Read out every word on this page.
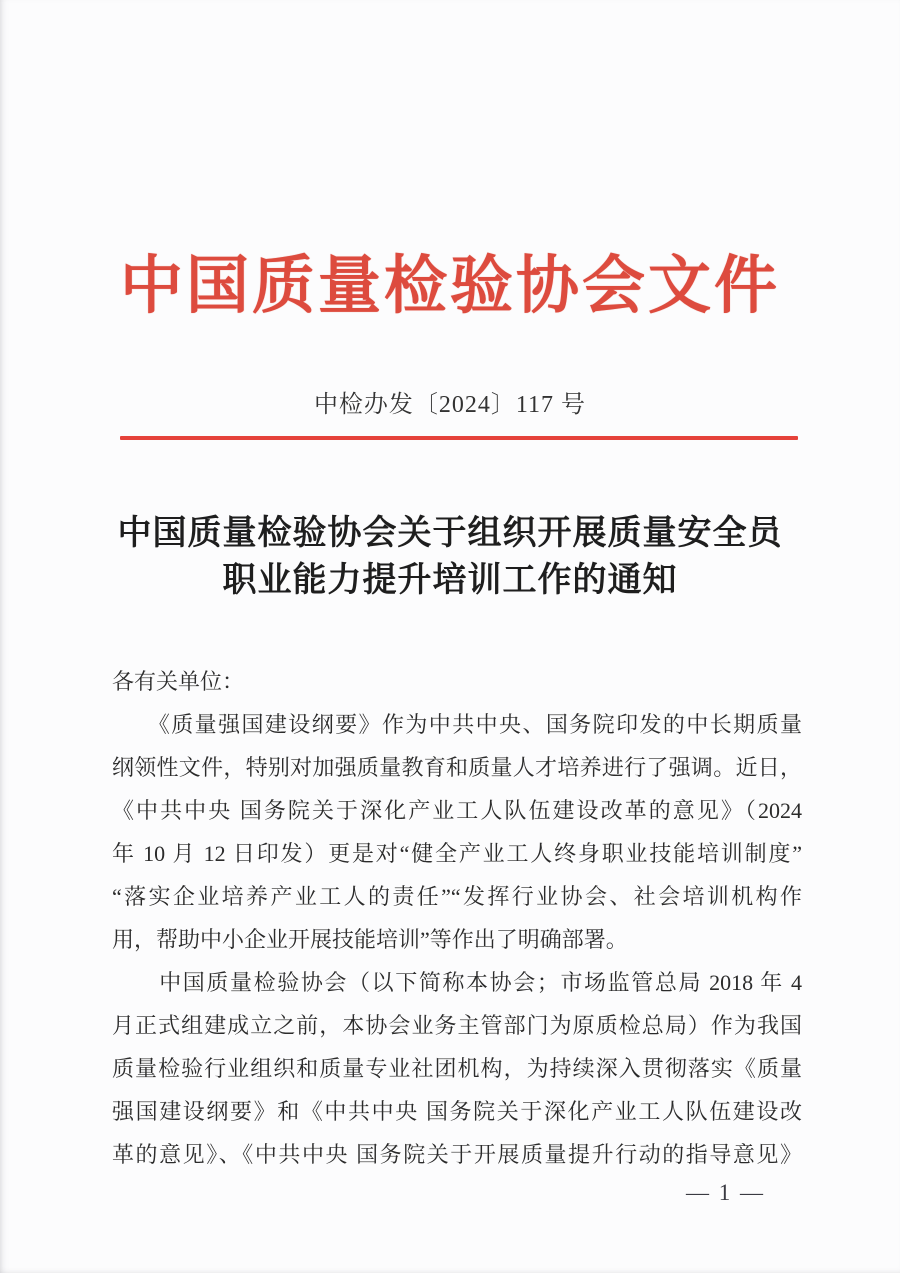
中国质量检验协会文件
中检办发〔2024〕117 号
中国质量检验协会关于组织开展质量安全员
职业能力提升培训工作的通知
各有关单位：
　　《质量强国建设纲要》作为中共中央、国务院印发的中长期质量
纲领性文件，特别对加强质量教育和质量人才培养进行了强调。近日，
《中共中央 国务院关于深化产业工人队伍建设改革的意见》（2024
年 10 月 12 日印发）更是对“健全产业工人终身职业技能培训制度”
“落实企业培养产业工人的责任”“发挥行业协会、社会培训机构作
用，帮助中小企业开展技能培训”等作出了明确部署。
　　中国质量检验协会（以下简称本协会；市场监管总局 2018 年 4
月正式组建成立之前，本协会业务主管部门为原质检总局）作为我国
质量检验行业组织和质量专业社团机构，为持续深入贯彻落实《质量
强国建设纲要》和《中共中央 国务院关于深化产业工人队伍建设改
革的意见》、《中共中央 国务院关于开展质量提升行动的指导意见》
— 1 —
